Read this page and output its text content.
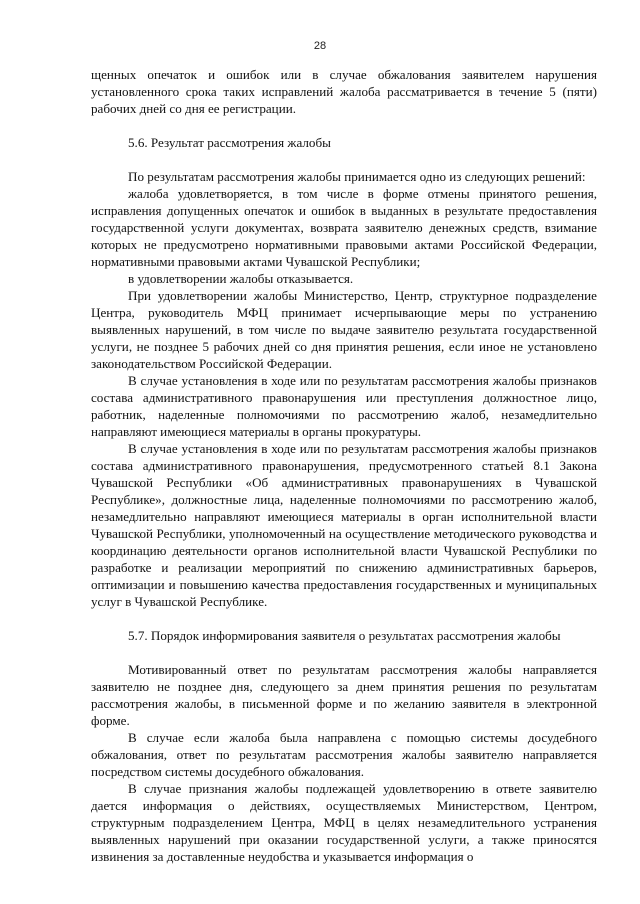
28

щенных опечаток и ошибок или в случае обжалования заявителем нарушения установленного срока таких исправлений жалоба рассматривается в течение 5 (пяти) рабочих дней со дня ее регистрации.

5.6. Результат рассмотрения жалобы

По результатам рассмотрения жалобы принимается одно из следующих решений:

жалоба удовлетворяется, в том числе в форме отмены принятого решения, исправления допущенных опечаток и ошибок в выданных в результате предоставления государственной услуги документах, возврата заявителю денежных средств, взимание которых не предусмотрено нормативными правовыми актами Российской Федерации, нормативными правовыми актами Чувашской Республики;

в удовлетворении жалобы отказывается.

При удовлетворении жалобы Министерство, Центр, структурное подразделение Центра, руководитель МФЦ принимает исчерпывающие меры по устранению выявленных нарушений, в том числе по выдаче заявителю результата государственной услуги, не позднее 5 рабочих дней со дня принятия решения, если иное не установлено законодательством Российской Федерации.

В случае установления в ходе или по результатам рассмотрения жалобы признаков состава административного правонарушения или преступления должностное лицо, работник, наделенные полномочиями по рассмотрению жалоб, незамедлительно направляют имеющиеся материалы в органы прокуратуры.

В случае установления в ходе или по результатам рассмотрения жалобы признаков состава административного правонарушения, предусмотренного статьей 8.1 Закона Чувашской Республики «Об административных правонарушениях в Чувашской Республике», должностные лица, наделенные полномочиями по рассмотрению жалоб, незамедлительно направляют имеющиеся материалы в орган исполнительной власти Чувашской Республики, уполномоченный на осуществление методического руководства и координацию деятельности органов исполнительной власти Чувашской Республики по разработке и реализации мероприятий по снижению административных барьеров, оптимизации и повышению качества предоставления государственных и муниципальных услуг в Чувашской Республике.

5.7. Порядок информирования заявителя о результатах рассмотрения жалобы

Мотивированный ответ по результатам рассмотрения жалобы направляется заявителю не позднее дня, следующего за днем принятия решения по результатам рассмотрения жалобы, в письменной форме и по желанию заявителя в электронной форме.

В случае если жалоба была направлена с помощью системы досудебного обжалования, ответ по результатам рассмотрения жалобы заявителю направляется посредством системы досудебного обжалования.

В случае признания жалобы подлежащей удовлетворению в ответе заявителю дается информация о действиях, осуществляемых Министерством, Центром, структурным подразделением Центра, МФЦ в целях незамедлительного устранения выявленных нарушений при оказании государственной услуги, а также приносятся извинения за доставленные неудобства и указывается информация о
